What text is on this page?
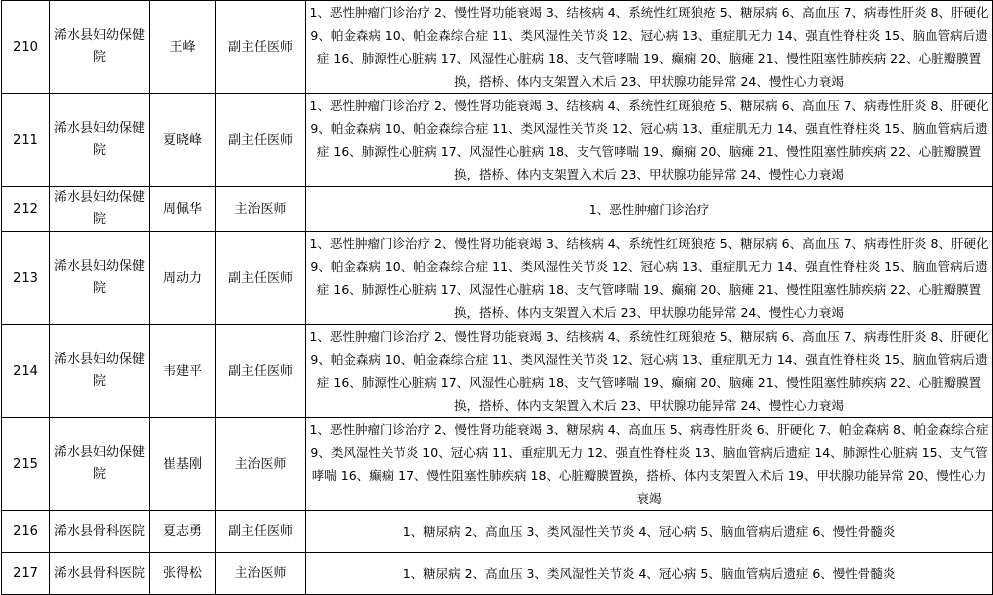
210	浠水县妇幼保健院	王峰	副主任医师	1、恶性肿瘤门诊治疗 2、慢性肾功能衰竭 3、结核病 4、系统性红斑狼疮 5、糖尿病 6、高血压 7、病毒性肝炎 8、肝硬化 9、帕金森病 10、帕金森综合症 11、类风湿性关节炎 12、冠心病 13、重症肌无力 14、强直性脊柱炎 15、脑血管病后遗症 16、肺源性心脏病 17、风湿性心脏病 18、支气管哮喘 19、癫痫 20、脑瘫 21、慢性阻塞性肺疾病 22、心脏瓣膜置换，搭桥、体内支架置入术后 23、甲状腺功能异常 24、慢性心力衰竭
211	浠水县妇幼保健院	夏晓峰	副主任医师	1、恶性肿瘤门诊治疗 2、慢性肾功能衰竭 3、结核病 4、系统性红斑狼疮 5、糖尿病 6、高血压 7、病毒性肝炎 8、肝硬化 9、帕金森病 10、帕金森综合症 11、类风湿性关节炎 12、冠心病 13、重症肌无力 14、强直性脊柱炎 15、脑血管病后遗症 16、肺源性心脏病 17、风湿性心脏病 18、支气管哮喘 19、癫痫 20、脑瘫 21、慢性阻塞性肺疾病 22、心脏瓣膜置换，搭桥、体内支架置入术后 23、甲状腺功能异常 24、慢性心力衰竭
212	浠水县妇幼保健院	周佩华	主治医师	1、恶性肿瘤门诊治疗
213	浠水县妇幼保健院	周动力	副主任医师	1、恶性肿瘤门诊治疗 2、慢性肾功能衰竭 3、结核病 4、系统性红斑狼疮 5、糖尿病 6、高血压 7、病毒性肝炎 8、肝硬化 9、帕金森病 10、帕金森综合症 11、类风湿性关节炎 12、冠心病 13、重症肌无力 14、强直性脊柱炎 15、脑血管病后遗症 16、肺源性心脏病 17、风湿性心脏病 18、支气管哮喘 19、癫痫 20、脑瘫 21、慢性阻塞性肺疾病 22、心脏瓣膜置换，搭桥、体内支架置入术后 23、甲状腺功能异常 24、慢性心力衰竭
214	浠水县妇幼保健院	韦建平	副主任医师	1、恶性肿瘤门诊治疗 2、慢性肾功能衰竭 3、结核病 4、系统性红斑狼疮 5、糖尿病 6、高血压 7、病毒性肝炎 8、肝硬化 9、帕金森病 10、帕金森综合症 11、类风湿性关节炎 12、冠心病 13、重症肌无力 14、强直性脊柱炎 15、脑血管病后遗症 16、肺源性心脏病 17、风湿性心脏病 18、支气管哮喘 19、癫痫 20、脑瘫 21、慢性阻塞性肺疾病 22、心脏瓣膜置换，搭桥、体内支架置入术后 23、甲状腺功能异常 24、慢性心力衰竭
215	浠水县妇幼保健院	崔基刚	主治医师	1、恶性肿瘤门诊治疗 2、慢性肾功能衰竭 3、糖尿病 4、高血压 5、病毒性肝炎 6、肝硬化 7、帕金森病 8、帕金森综合症 9、类风湿性关节炎 10、冠心病 11、重症肌无力 12、强直性脊柱炎 13、脑血管病后遗症 14、肺源性心脏病 15、支气管哮喘 16、癫痫 17、慢性阻塞性肺疾病 18、心脏瓣膜置换，搭桥、体内支架置入术后 19、甲状腺功能异常 20、慢性心力衰竭
216	浠水县骨科医院	夏志勇	副主任医师	1、糖尿病 2、高血压 3、类风湿性关节炎 4、冠心病 5、脑血管病后遗症 6、慢性骨髓炎
217	浠水县骨科医院	张得松	主治医师	1、糖尿病 2、高血压 3、类风湿性关节炎 4、冠心病 5、脑血管病后遗症 6、慢性骨髓炎
